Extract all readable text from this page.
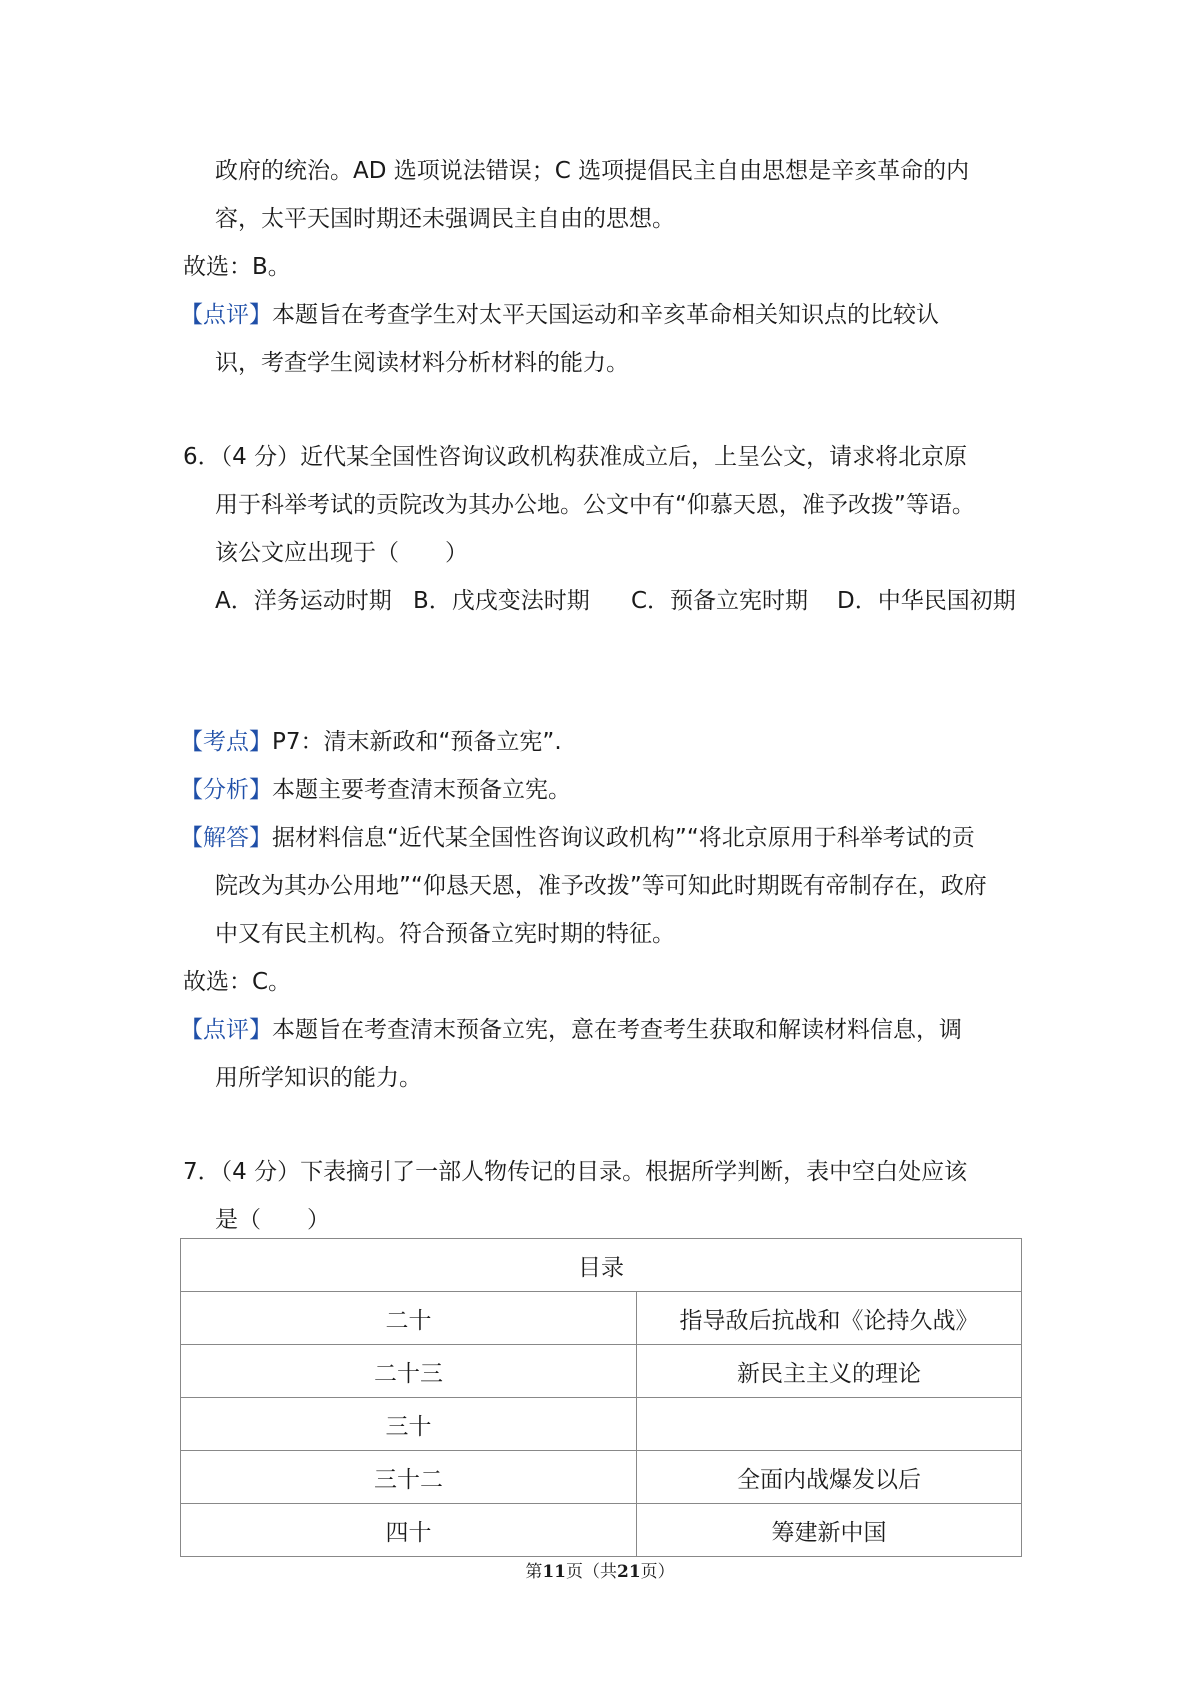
政府的统治。AD 选项说法错误；C 选项提倡民主自由思想是辛亥革命的内
容，太平天国时期还未强调民主自由的思想。
故选：B。
【点评】本题旨在考查学生对太平天国运动和辛亥革命相关知识点的比较认
识，考查学生阅读材料分析材料的能力。
6．（4 分）近代某全国性咨询议政机构获准成立后，上呈公文，请求将北京原
用于科举考试的贡院改为其办公地。公文中有“仰慕天恩，准予改拨”等语。
该公文应出现于（　　）
A．洋务运动时期 B．戊戌变法时期 C．预备立宪时期 D．中华民国初期
【考点】P7：清末新政和“预备立宪”.
【分析】本题主要考查清末预备立宪。
【解答】据材料信息“近代某全国性咨询议政机构”“将北京原用于科举考试的贡
院改为其办公用地”“仰恳天恩，准予改拨”等可知此时期既有帝制存在，政府
中又有民主机构。符合预备立宪时期的特征。
故选：C。
【点评】本题旨在考查清末预备立宪，意在考查考生获取和解读材料信息，调
用所学知识的能力。
7．（4 分）下表摘引了一部人物传记的目录。根据所学判断，表中空白处应该
是（　　）
目录	
二十	指导敌后抗战和《论持久战》
二十三	新民主主义的理论
三十	
三十二	全面内战爆发以后
四十	筹建新中国
第11页（共21页）
